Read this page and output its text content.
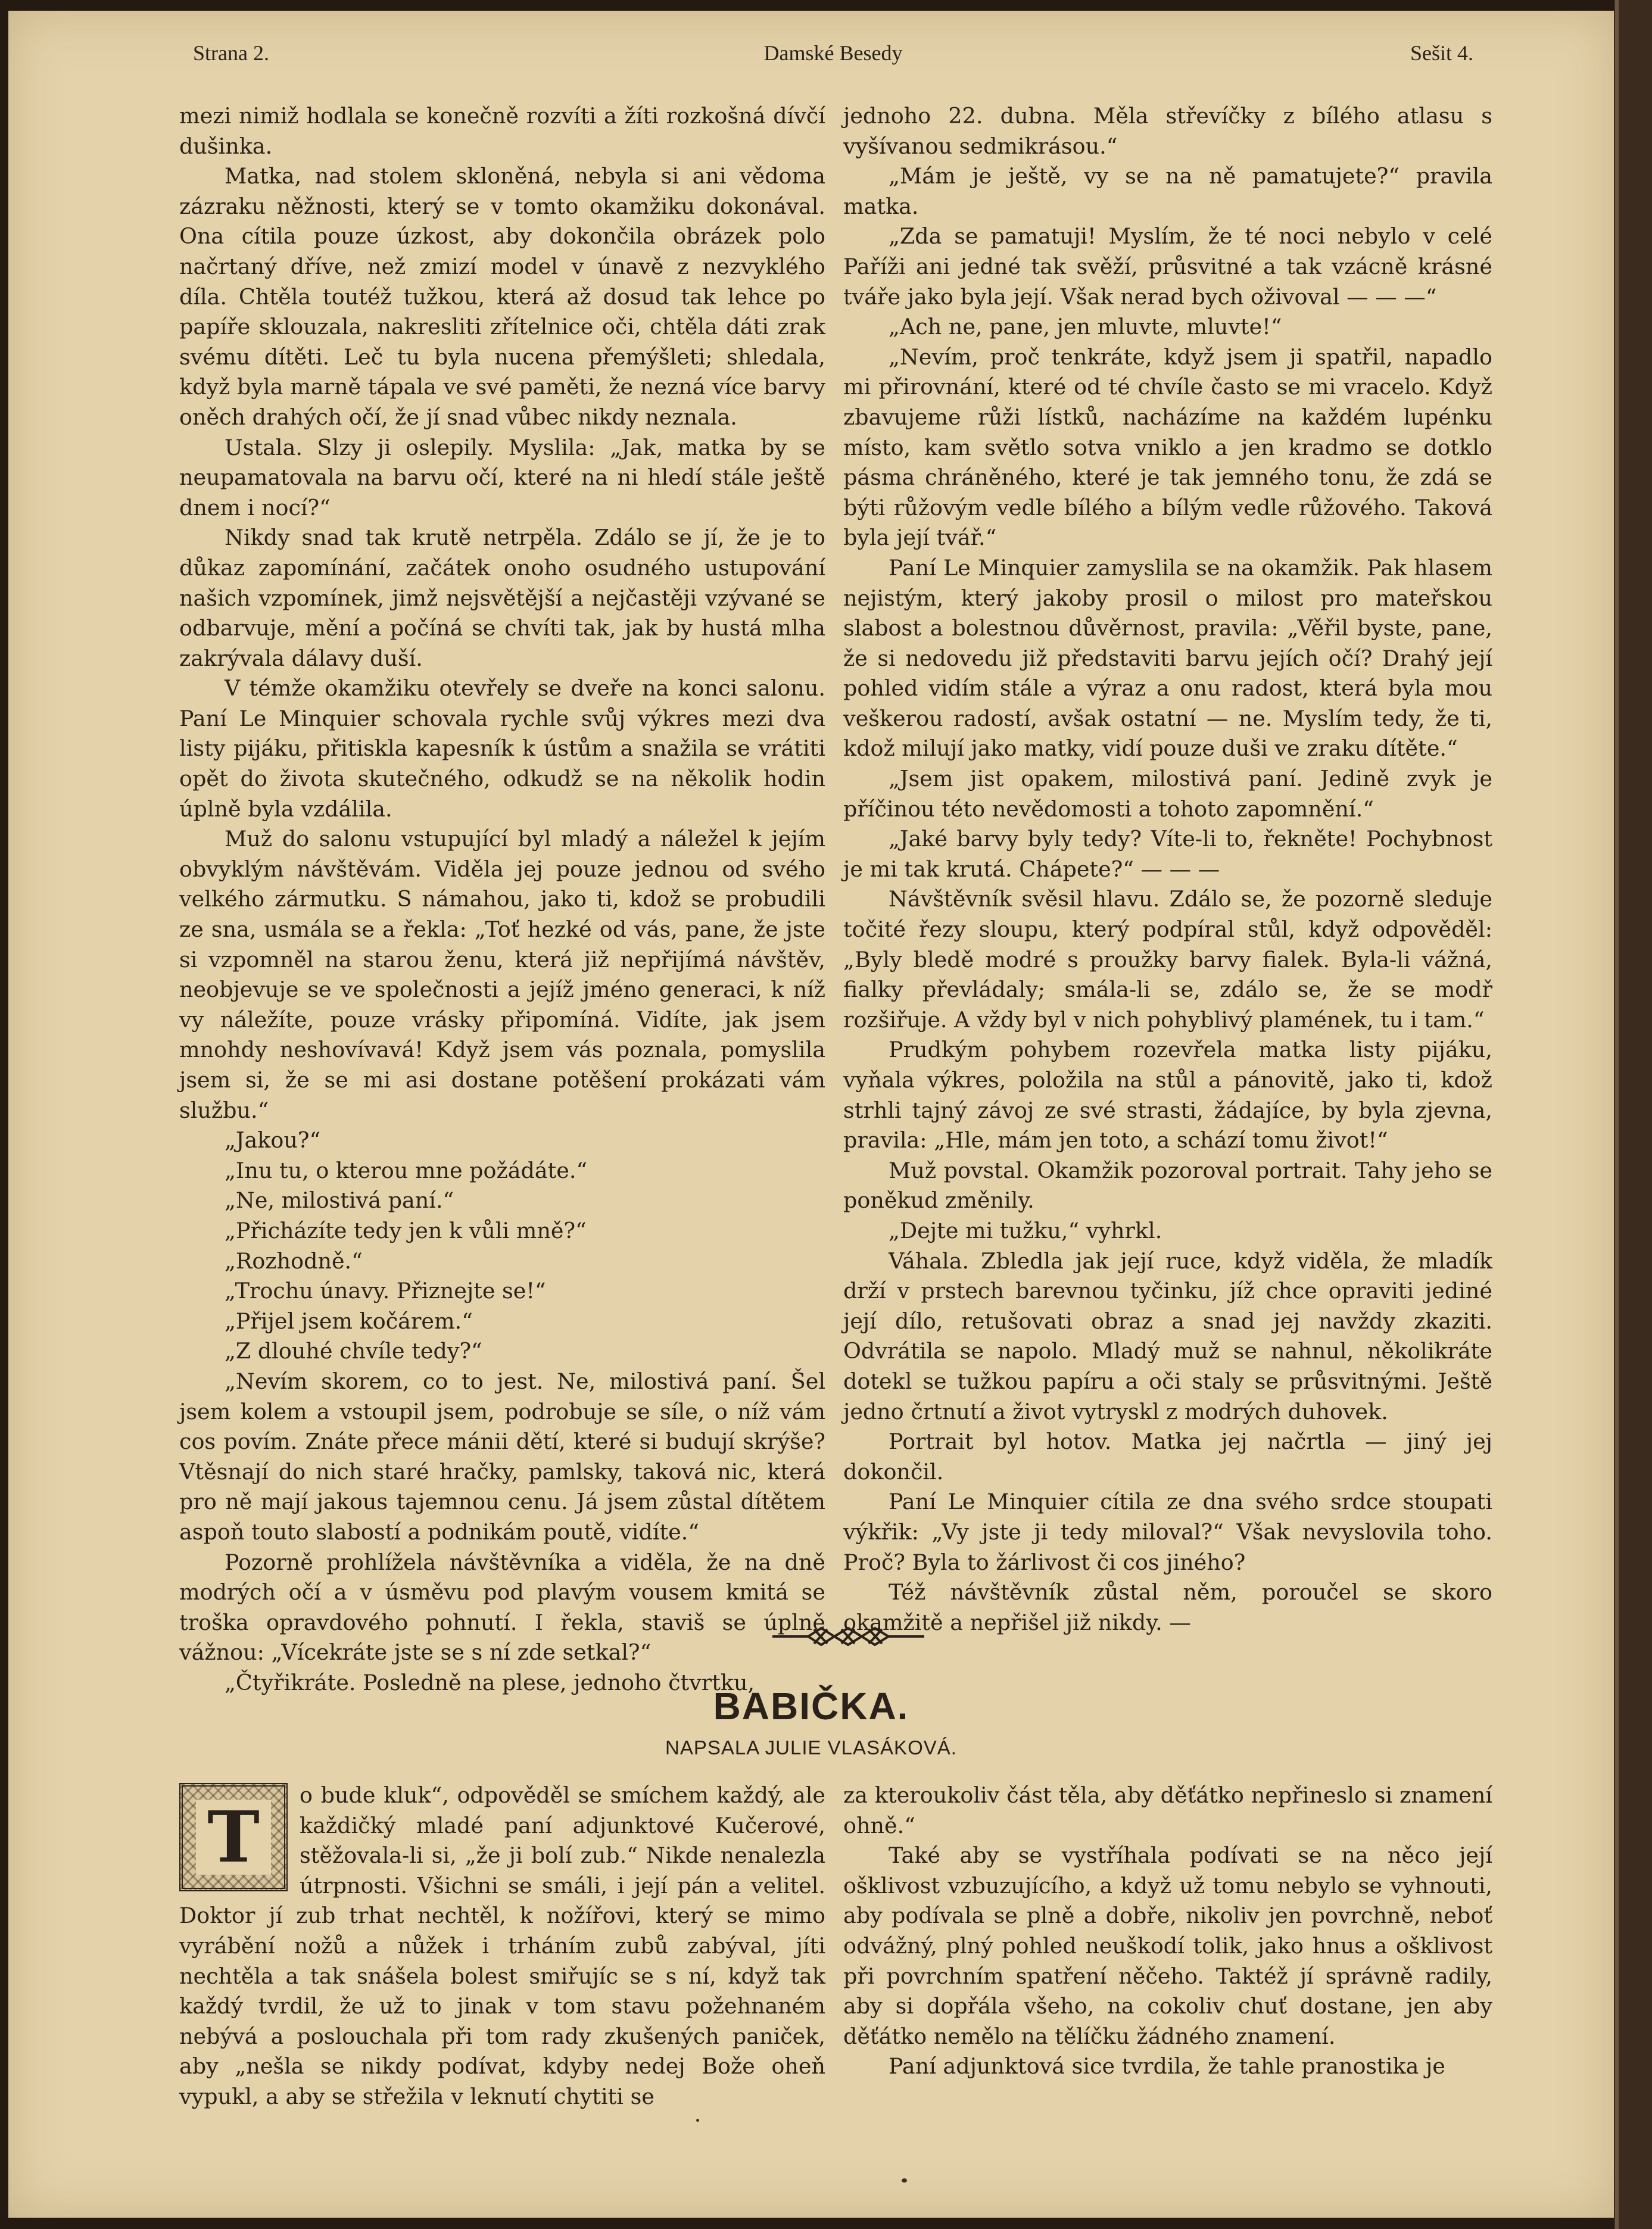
Damské Besedy
Strana 2.	Sešit 4.

mezi nimiž hodlala se konečně rozvíti a žíti rozkošná dívčí dušinka.

Matka, nad stolem skloněná, nebyla si ani vědoma zázraku něžnosti, který se v tomto okamžiku dokonával. Ona cítila pouze úzkost, aby dokončila obrázek polo načrtaný dříve, než zmizí model v únavě z nezvyklého díla. Chtěla toutéž tužkou, která až dosud tak lehce po papíře sklouzala, nakresliti zřítelnice oči, chtěla dáti zrak svému dítěti. Leč tu byla nucena přemýšleti; shledala, když byla marně tápala ve své paměti, že nezná více barvy oněch drahých očí, že jí snad vůbec nikdy neznala.

Ustala. Slzy ji oslepily. Myslila: „Jak, matka by se neupamatovala na barvu očí, které na ni hledí stále ještě dnem i nocí?“

Nikdy snad tak krutě netrpěla. Zdálo se jí, že je to důkaz zapomínání, začátek onoho osudného ustupování našich vzpomínek, jimž nejsvětější a nejčastěji vzývané se odbarvuje, mění a počíná se chvíti tak, jak by hustá mlha zakrývala dálavy duší.

V témže okamžiku otevřely se dveře na konci salonu. Paní Le Minquier schovala rychle svůj výkres mezi dva listy pijáku, přitiskla kapesník k ústům a snažila se vrátiti opět do života skutečného, odkudž se na několik hodin úplně byla vzdálila.

Muž do salonu vstupující byl mladý a náležel k jejím obvyklým návštěvám. Viděla jej pouze jednou od svého velkého zármutku. S námahou, jako ti, kdož se probudili ze sna, usmála se a řekla: „Toť hezké od vás, pane, že jste si vzpomněl na starou ženu, která již nepřijímá návštěv, neobjevuje se ve společnosti a jejíž jméno generaci, k níž vy náležíte, pouze vrásky připomíná. Vidíte, jak jsem mnohdy neshovívavá! Když jsem vás poznala, pomyslila jsem si, že se mi asi dostane potěšení prokázati vám službu.“

„Jakou?“

„Inu tu, o kterou mne požádáte.“

„Ne, milostivá paní.“

„Přicházíte tedy jen k vůli mně?“

„Rozhodně.“

„Trochu únavy. Přiznejte se!“

„Přijel jsem kočárem.“

„Z dlouhé chvíle tedy?“

„Nevím skorem, co to jest. Ne, milostivá paní. Šel jsem kolem a vstoupil jsem, podrobuje se síle, o níž vám cos povím. Znáte přece mánii dětí, které si budují skrýše? Vtěsnají do nich staré hračky, pamlsky, taková nic, která pro ně mají jakous tajemnou cenu. Já jsem zůstal dítětem aspoň touto slabostí a podnikám poutě, vidíte.“

Pozorně prohlížela návštěvníka a viděla, že na dně modrých očí a v úsměvu pod plavým vousem kmitá se troška opravdového pohnutí. I řekla, staviš se úplně vážnou: „Vícekráte jste se s ní zde setkal?“

„Čtyřikráte. Posledně na plese, jednoho čtvrtku,

jednoho 22. dubna. Měla střevíčky z bílého atlasu s vyšívanou sedmikrásou.“

„Mám je ještě, vy se na ně pamatujete?“ pravila matka.

„Zda se pamatuji! Myslím, že té noci nebylo v celé Paříži ani jedné tak svěží, průsvitné a tak vzácně krásné tváře jako byla její. Však nerad bych oživoval — — —“

„Ach ne, pane, jen mluvte, mluvte!“

„Nevím, proč tenkráte, když jsem ji spatřil, napadlo mi přirovnání, které od té chvíle často se mi vracelo. Když zbavujeme růži lístků, nacházíme na každém lupénku místo, kam světlo sotva vniklo a jen kradmo se dotklo pásma chráněného, které je tak jemného tonu, že zdá se býti růžovým vedle bílého a bílým vedle růžového. Taková byla její tvář.“

Paní Le Minquier zamyslila se na okamžik. Pak hlasem nejistým, který jakoby prosil o milost pro mateřskou slabost a bolestnou důvěrnost, pravila: „Věřil byste, pane, že si nedovedu již představiti barvu jejích očí? Drahý její pohled vidím stále a výraz a onu radost, která byla mou veškerou radostí, avšak ostatní — ne. Myslím tedy, že ti, kdož milují jako matky, vidí pouze duši ve zraku dítěte.“

„Jsem jist opakem, milostivá paní. Jedině zvyk je příčinou této nevědomosti a tohoto zapomnění.“

„Jaké barvy byly tedy? Víte-li to, řekněte! Pochybnost je mi tak krutá. Chápete?“ — — —

Návštěvník svěsil hlavu. Zdálo se, že pozorně sleduje točité řezy sloupu, který podpíral stůl, když odpověděl: „Byly bledě modré s proužky barvy fialek. Byla-li vážná, fialky převládaly; smála-li se, zdálo se, že se modř rozšiřuje. A vždy byl v nich pohyblivý plamének, tu i tam.“

Prudkým pohybem rozevřela matka listy pijáku, vyňala výkres, položila na stůl a pánovitě, jako ti, kdož strhli tajný závoj ze své strasti, žádajíce, by byla zjevna, pravila: „Hle, mám jen toto, a schází tomu život!“

Muž povstal. Okamžik pozoroval portrait. Tahy jeho se poněkud změnily.

„Dejte mi tužku,“ vyhrkl.

Váhala. Zbledla jak její ruce, když viděla, že mladík drží v prstech barevnou tyčinku, jíž chce opraviti jediné její dílo, retušovati obraz a snad jej navždy zkaziti. Odvrátila se napolo. Mladý muž se nahnul, několikráte dotekl se tužkou papíru a oči staly se průsvitnými. Ještě jedno črtnutí a život vytryskl z modrých duhovek.

Portrait byl hotov. Matka jej načrtla — jiný jej dokončil.

Paní Le Minquier cítila ze dna svého srdce stoupati výkřik: „Vy jste ji tedy miloval?“ Však nevyslovila toho. Proč? Byla to žárlivost či cos jiného?

Též návštěvník zůstal něm, poroučel se skoro okamžitě a nepřišel již nikdy. —

BABIČKA.
NAPSALA JULIE VLASÁKOVÁ.
T

o bude kluk“, odpověděl se smíchem každý, ale každičký mladé paní adjunktové Kučerové, stěžovala-li si, „že ji bolí zub.“ Nikde nenalezla útrpnosti. Všichni se smáli, i její pán a velitel. Doktor jí zub trhat nechtěl, k nožířovi, který se mimo vyrábění nožů a nůžek i trháním zubů zabýval, jíti nechtěla a tak snášela bolest smiřujíc se s ní, když tak každý tvrdil, že už to jinak v tom stavu požehnaném nebývá a poslouchala při tom rady zkušených paniček, aby „nešla se nikdy podívat, kdyby nedej Bože oheň vypukl, a aby se střežila v leknutí chytiti se

za kteroukoliv část těla, aby děťátko nepřineslo si znamení ohně.“

Také aby se vystříhala podívati se na něco její ošklivost vzbuzujícího, a když už tomu nebylo se vyhnouti, aby podívala se plně a dobře, nikoliv jen povrchně, neboť odvážný, plný pohled neuškodí tolik, jako hnus a ošklivost při povrchním spatření něčeho. Taktéž jí správně radily, aby si dopřála všeho, na cokoliv chuť dostane, jen aby děťátko nemělo na tělíčku žádného znamení.

Paní adjunktová sice tvrdila, že tahle pranostika je
